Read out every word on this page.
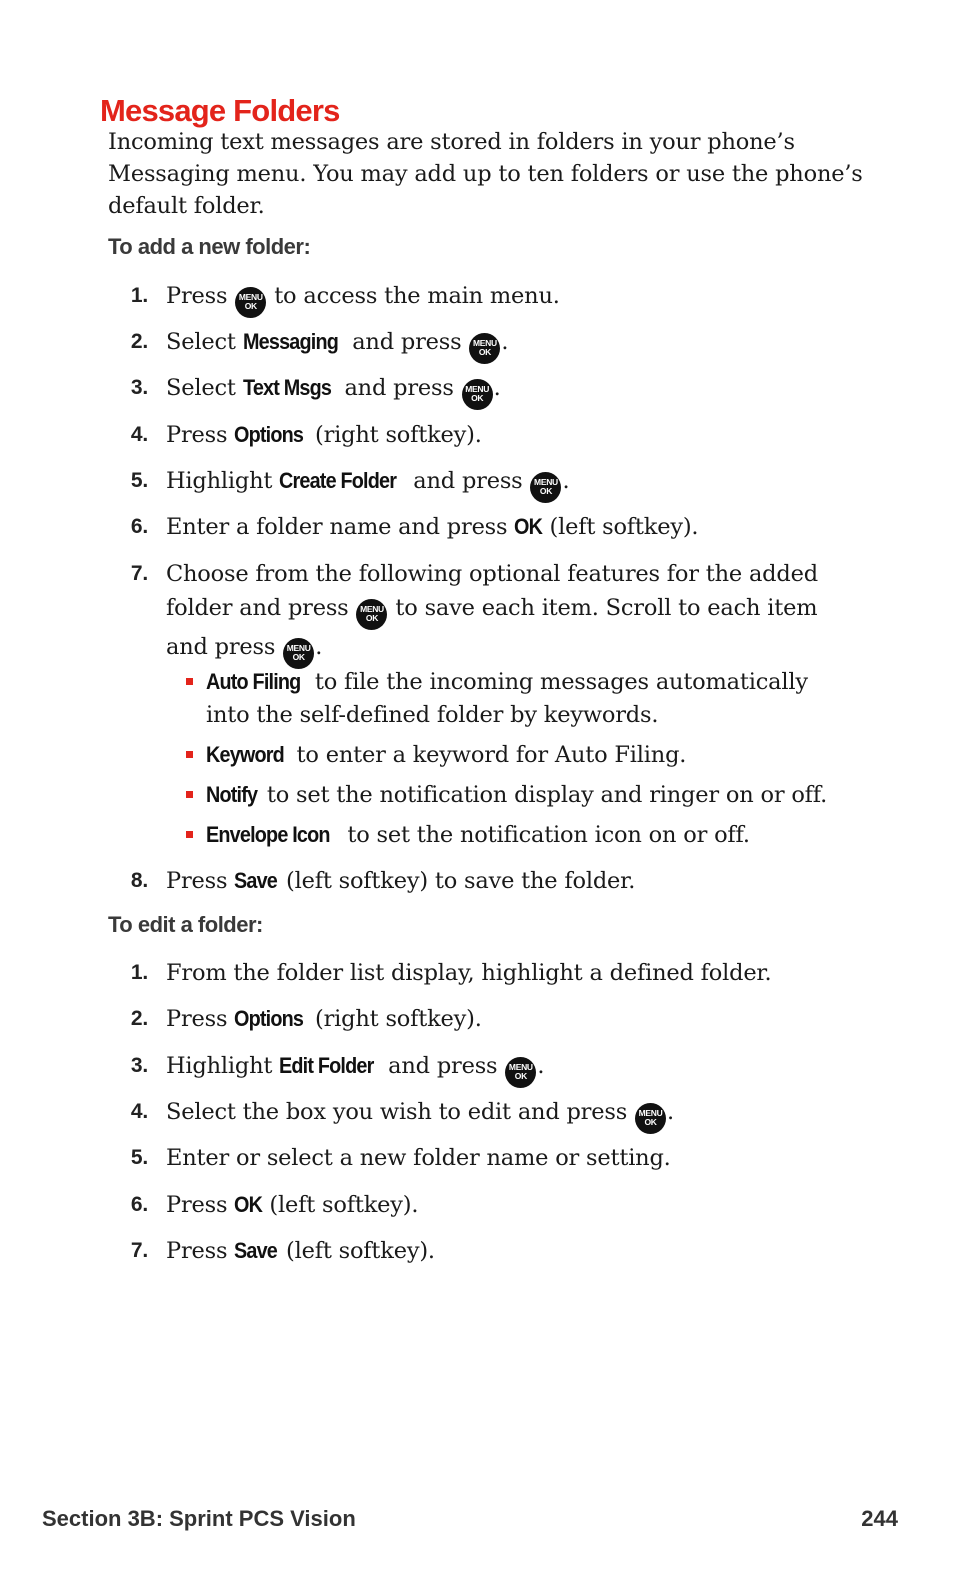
Message Folders

Incoming text messages are stored in folders in your phone’s Messaging menu. You may add up to ten folders or use the phone’s default folder.

To add a new folder:
1. Press MENU
OK to access the main menu.
2. Select Messaging and press MENU
OK .
3. Select Text Msgs and press MENU
OK .
4. Press Options (right softkey).
5. Highlight Create Folder and press MENU
OK .
6. Enter a folder name and press OK (left softkey).
7. Choose from the following optional features for the added folder and press MENU
OK to save each item. Scroll to each item and press MENU
OK .
Auto Filing to file the incoming messages automatically into the self-defined folder by keywords.
Keyword to enter a keyword for Auto Filing.
Notify to set the notification display and ringer on or off.
Envelope Icon to set the notification icon on or off.
8. Press Save (left softkey) to save the folder.
To edit a folder:
1. From the folder list display, highlight a defined folder.
2. Press Options (right softkey).
3. Highlight Edit Folder and press MENU
OK .
4. Select the box you wish to edit and press MENU
OK .
5. Enter or select a new folder name or setting.
6. Press OK (left softkey).
7. Press Save (left softkey).
Section 3B: Sprint PCS Vision	244
